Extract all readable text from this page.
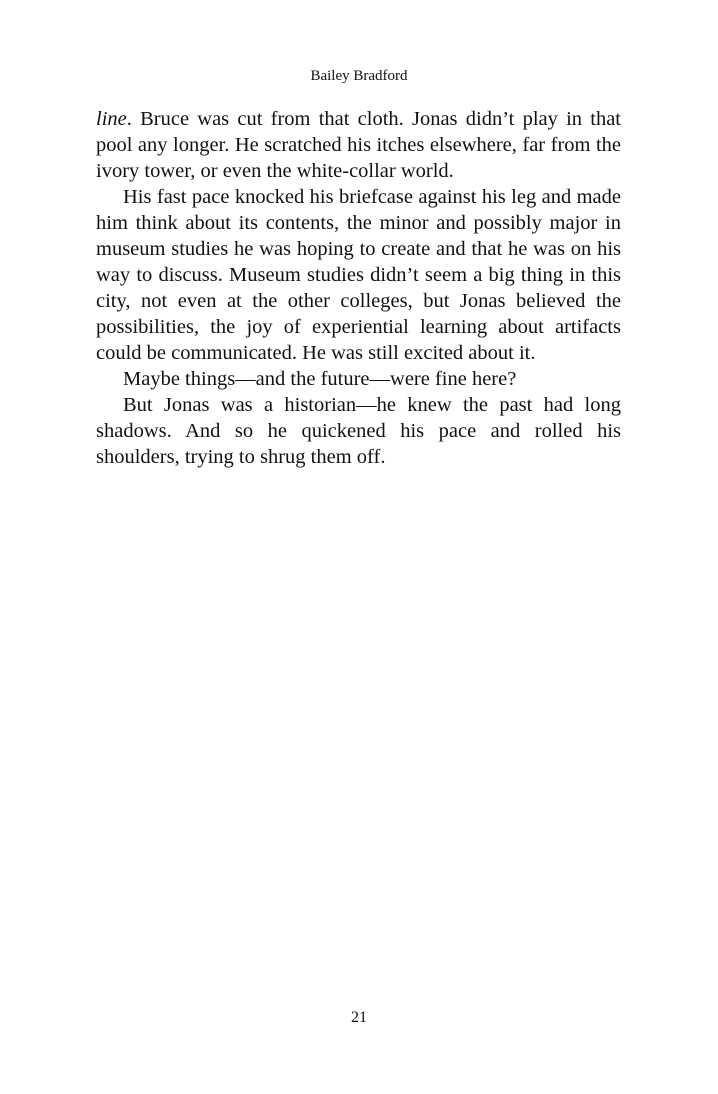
Bailey Bradford

line. Bruce was cut from that cloth. Jonas didn’t play in that pool any longer. He scratched his itches elsewhere, far from the ivory tower, or even the white-collar world.

His fast pace knocked his briefcase against his leg and made him think about its contents, the minor and possibly major in museum studies he was hoping to create and that he was on his way to discuss. Museum studies didn’t seem a big thing in this city, not even at the other colleges, but Jonas believed the possibilities, the joy of experiential learning about artifacts could be communicated. He was still excited about it.

Maybe things—and the future—were fine here?

But Jonas was a historian—he knew the past had long shadows. And so he quickened his pace and rolled his shoulders, trying to shrug them off.

21
